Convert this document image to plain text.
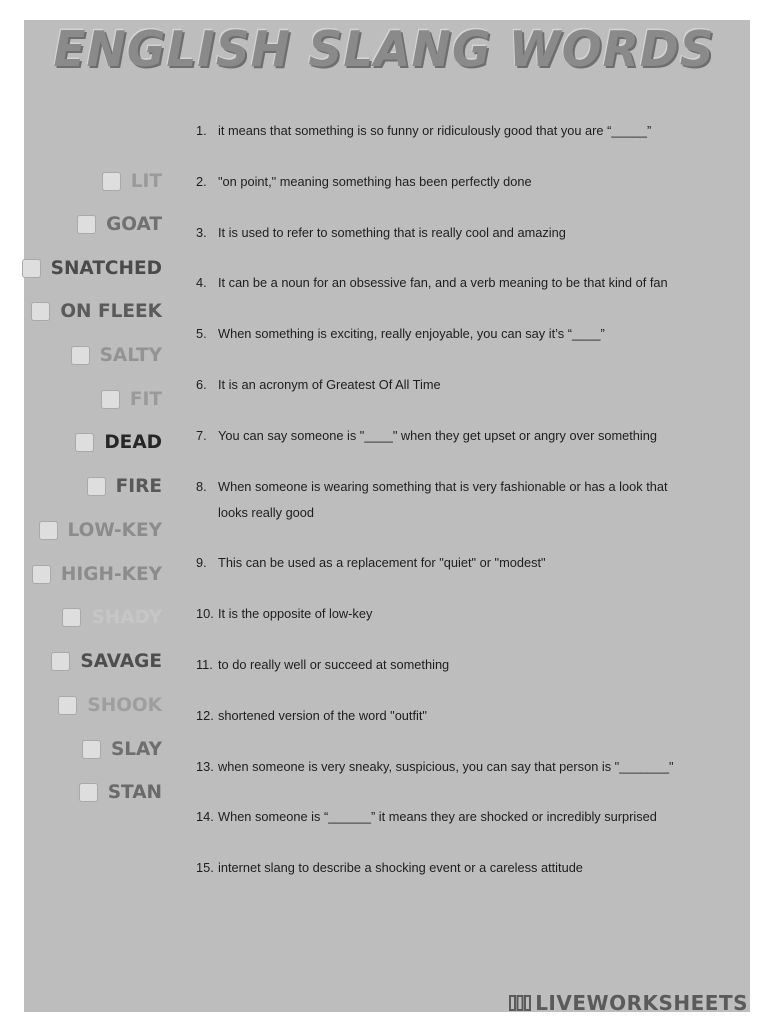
ENGLISH SLANG WORDS
LIT
GOAT
SNATCHED
ON FLEEK
SALTY
FIT
DEAD
FIRE
LOW-KEY
HIGH-KEY
SHADY
SAVAGE
SHOOK
SLAY
STAN
1. it means that something is so funny or ridiculously good that you are “_____”
2. "on point," meaning something has been perfectly done
3. It is used to refer to something that is really cool and amazing
4. It can be a noun for an obsessive fan, and a verb meaning to be that kind of fan
5. When something is exciting, really enjoyable, you can say it’s “____”
6. It is an acronym of Greatest Of All Time
7. You can say someone is "____" when they get upset or angry over something
8. When someone is wearing something that is very fashionable or has a look that
looks really good
9. This can be used as a replacement for "quiet" or "modest"
10. It is the opposite of low-key
11. to do really well or succeed at something
12. shortened version of the word "outfit"
13. when someone is very sneaky, suspicious, you can say that person is "_______"
14. When someone is “______” it means they are shocked or incredibly surprised
15. internet slang to describe a shocking event or a careless attitude
LIVEWORKSHEETS
